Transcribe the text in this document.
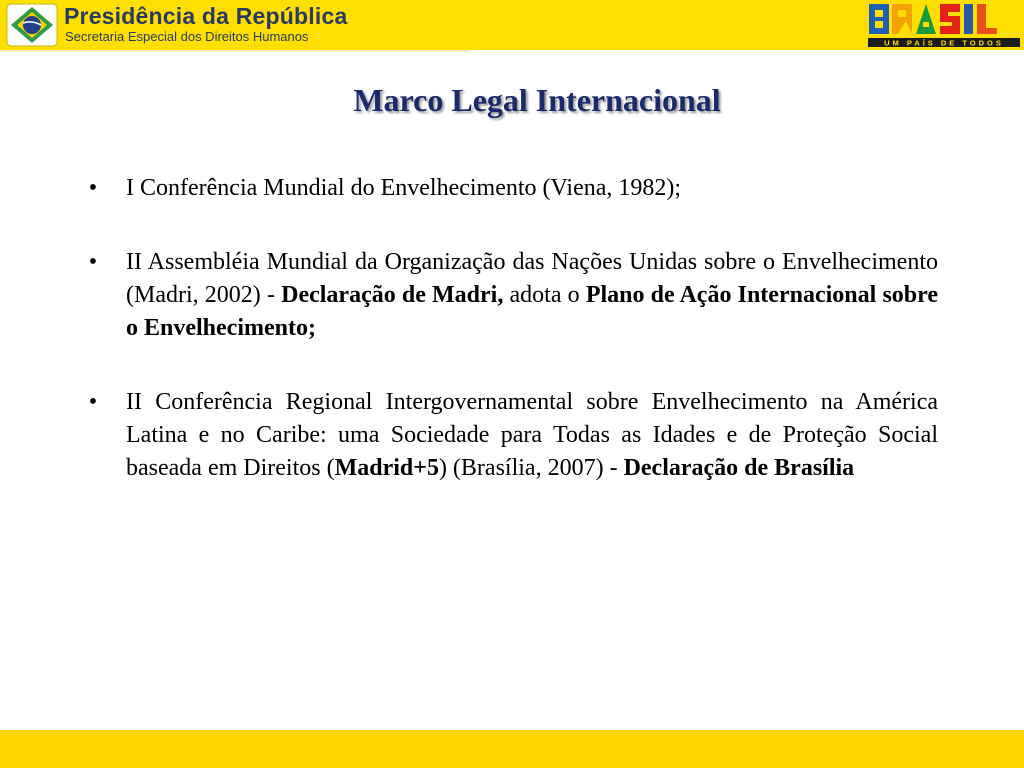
Presidência da República
Secretaria Especial dos Direitos Humanos	UM PAÍS DE TODOS
Marco Legal Internacional
• I Conferência Mundial do Envelhecimento (Viena, 1982);
• II Assembléia Mundial da Organização das Nações Unidas sobre o Envelhecimento (Madri, 2002) - Declaração de Madri, adota o Plano de Ação Internacional sobre o Envelhecimento;
• II Conferência Regional Intergovernamental sobre Envelhecimento na América Latina e no Caribe: uma Sociedade para Todas as Idades e de Proteção Social baseada em Direitos (Madrid+5) (Brasília, 2007) - Declaração de Brasília
